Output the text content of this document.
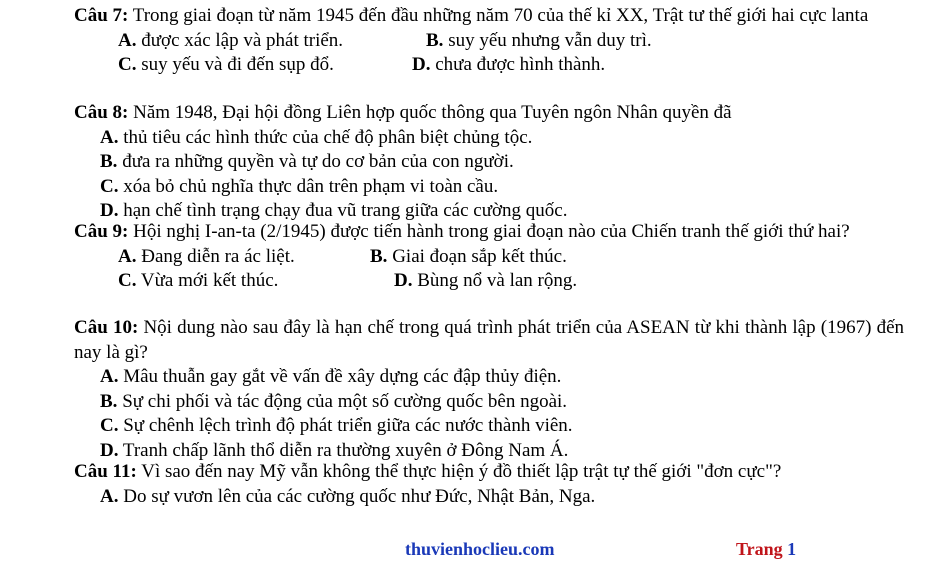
Câu 7: Trong giai đoạn từ năm 1945 đến đầu những năm 70 của thế kỉ XX, Trật tư thế giới hai cực lanta
A. được xác lập và phát triển.	B. suy yếu nhưng vẫn duy trì.
C. suy yếu và đi đến sụp đổ.	D. chưa được hình thành.
Câu 8: Năm 1948, Đại hội đồng Liên hợp quốc thông qua Tuyên ngôn Nhân quyền đã
A. thủ tiêu các hình thức của chế độ phân biệt chủng tộc.
B. đưa ra những quyền và tự do cơ bản của con người.
C. xóa bỏ chủ nghĩa thực dân trên phạm vi toàn cầu.
D. hạn chế tình trạng chạy đua vũ trang giữa các cường quốc.
Câu 9: Hội nghị I-an-ta (2/1945) được tiến hành trong giai đoạn nào của Chiến tranh thế giới thứ hai?
A. Đang diễn ra ác liệt.	B. Giai đoạn sắp kết thúc.
C. Vừa mới kết thúc.	D. Bùng nổ và lan rộng.
Câu 10: Nội dung nào sau đây là hạn chế trong quá trình phát triển của ASEAN từ khi thành lập (1967) đến nay là gì?
A. Mâu thuẫn gay gắt về vấn đề xây dựng các đập thủy điện.
B. Sự chi phối và tác động của một số cường quốc bên ngoài.
C. Sự chênh lệch trình độ phát triển giữa các nước thành viên.
D. Tranh chấp lãnh thổ diễn ra thường xuyên ở Đông Nam Á.
Câu 11: Vì sao đến nay Mỹ vẫn không thể thực hiện ý đồ thiết lập trật tự thế giới "đơn cực"?
A. Do sự vươn lên của các cường quốc như Đức, Nhật Bản, Nga.
thuvienhoclieu.com	Trang 1
